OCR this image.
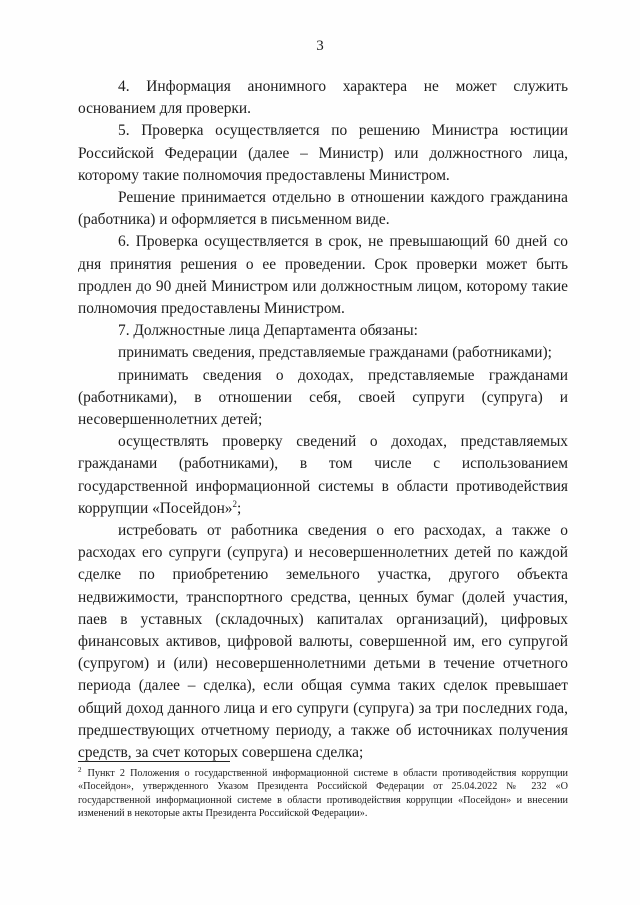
3

4. Информация анонимного характера не может служить основанием для проверки.

5. Проверка осуществляется по решению Министра юстиции Российской Федерации (далее – Министр) или должностного лица, которому такие полномочия предоставлены Министром.

Решение принимается отдельно в отношении каждого гражданина (работника) и оформляется в письменном виде.

6. Проверка осуществляется в срок, не превышающий 60 дней со дня принятия решения о ее проведении. Срок проверки может быть продлен до 90 дней Министром или должностным лицом, которому такие полномочия предоставлены Министром.

7. Должностные лица Департамента обязаны:

принимать сведения, представляемые гражданами (работниками);

принимать сведения о доходах, представляемые гражданами (работниками), в отношении себя, своей супруги (супруга) и несовершеннолетних детей;

осуществлять проверку сведений о доходах, представляемых гражданами (работниками), в том числе с использованием государственной информационной системы в области противодействия коррупции «Посейдон»$^2$;

истребовать от работника сведения о его расходах, а также о расходах его супруги (супруга) и несовершеннолетних детей по каждой сделке по приобретению земельного участка, другого объекта недвижимости, транспортного средства, ценных бумаг (долей участия, паев в уставных (складочных) капиталах организаций), цифровых финансовых активов, цифровой валюты, совершенной им, его супругой (супругом) и (или) несовершеннолетними детьми в течение отчетного периода (далее – сделка), если общая сумма таких сделок превышает общий доход данного лица и его супруги (супруга) за три последних года, предшествующих отчетному периоду, а также об источниках получения средств, за счет которых совершена сделка;

$^2$ Пункт 2 Положения о государственной информационной системе в области противодействия коррупции «Посейдон», утвержденного Указом Президента Российской Федерации от 25.04.2022 № 232 «О государственной информационной системе в области противодействия коррупции «Посейдон» и внесении изменений в некоторые акты Президента Российской Федерации».
